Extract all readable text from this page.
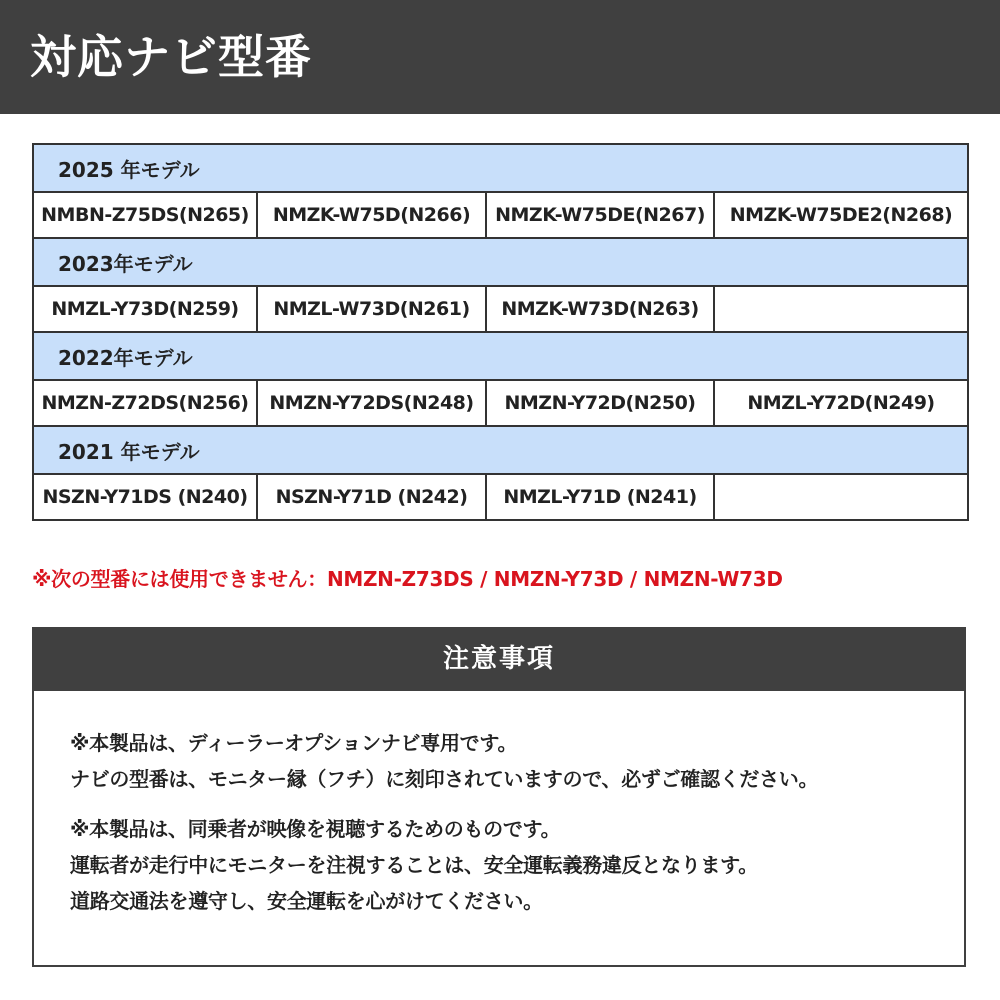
対応ナビ型番
2025 年モデル			
NMBN-Z75DS(N265)	NMZK-W75D(N266)	NMZK-W75DE(N267)	NMZK-W75DE2(N268)
2023年モデル			
NMZL-Y73D(N259)	NMZL-W73D(N261)	NMZK-W73D(N263)	
2022年モデル			
NMZN-Z72DS(N256)	NMZN-Y72DS(N248)	NMZN-Y72D(N250)	NMZL-Y72D(N249)
2021 年モデル			
NSZN-Y71DS (N240)	NSZN-Y71D (N242)	NMZL-Y71D (N241)	
※次の型番には使用できません：NMZN-Z73DS / NMZN-Y73D / NMZN-W73D
注意事項
※本製品は、ディーラーオプションナビ専用です。
ナビの型番は、モニター縁（フチ）に刻印されていますので、必ずご確認ください。
※本製品は、同乗者が映像を視聴するためのものです。
運転者が走行中にモニターを注視することは、安全運転義務違反となります。
道路交通法を遵守し、安全運転を心がけてください。
